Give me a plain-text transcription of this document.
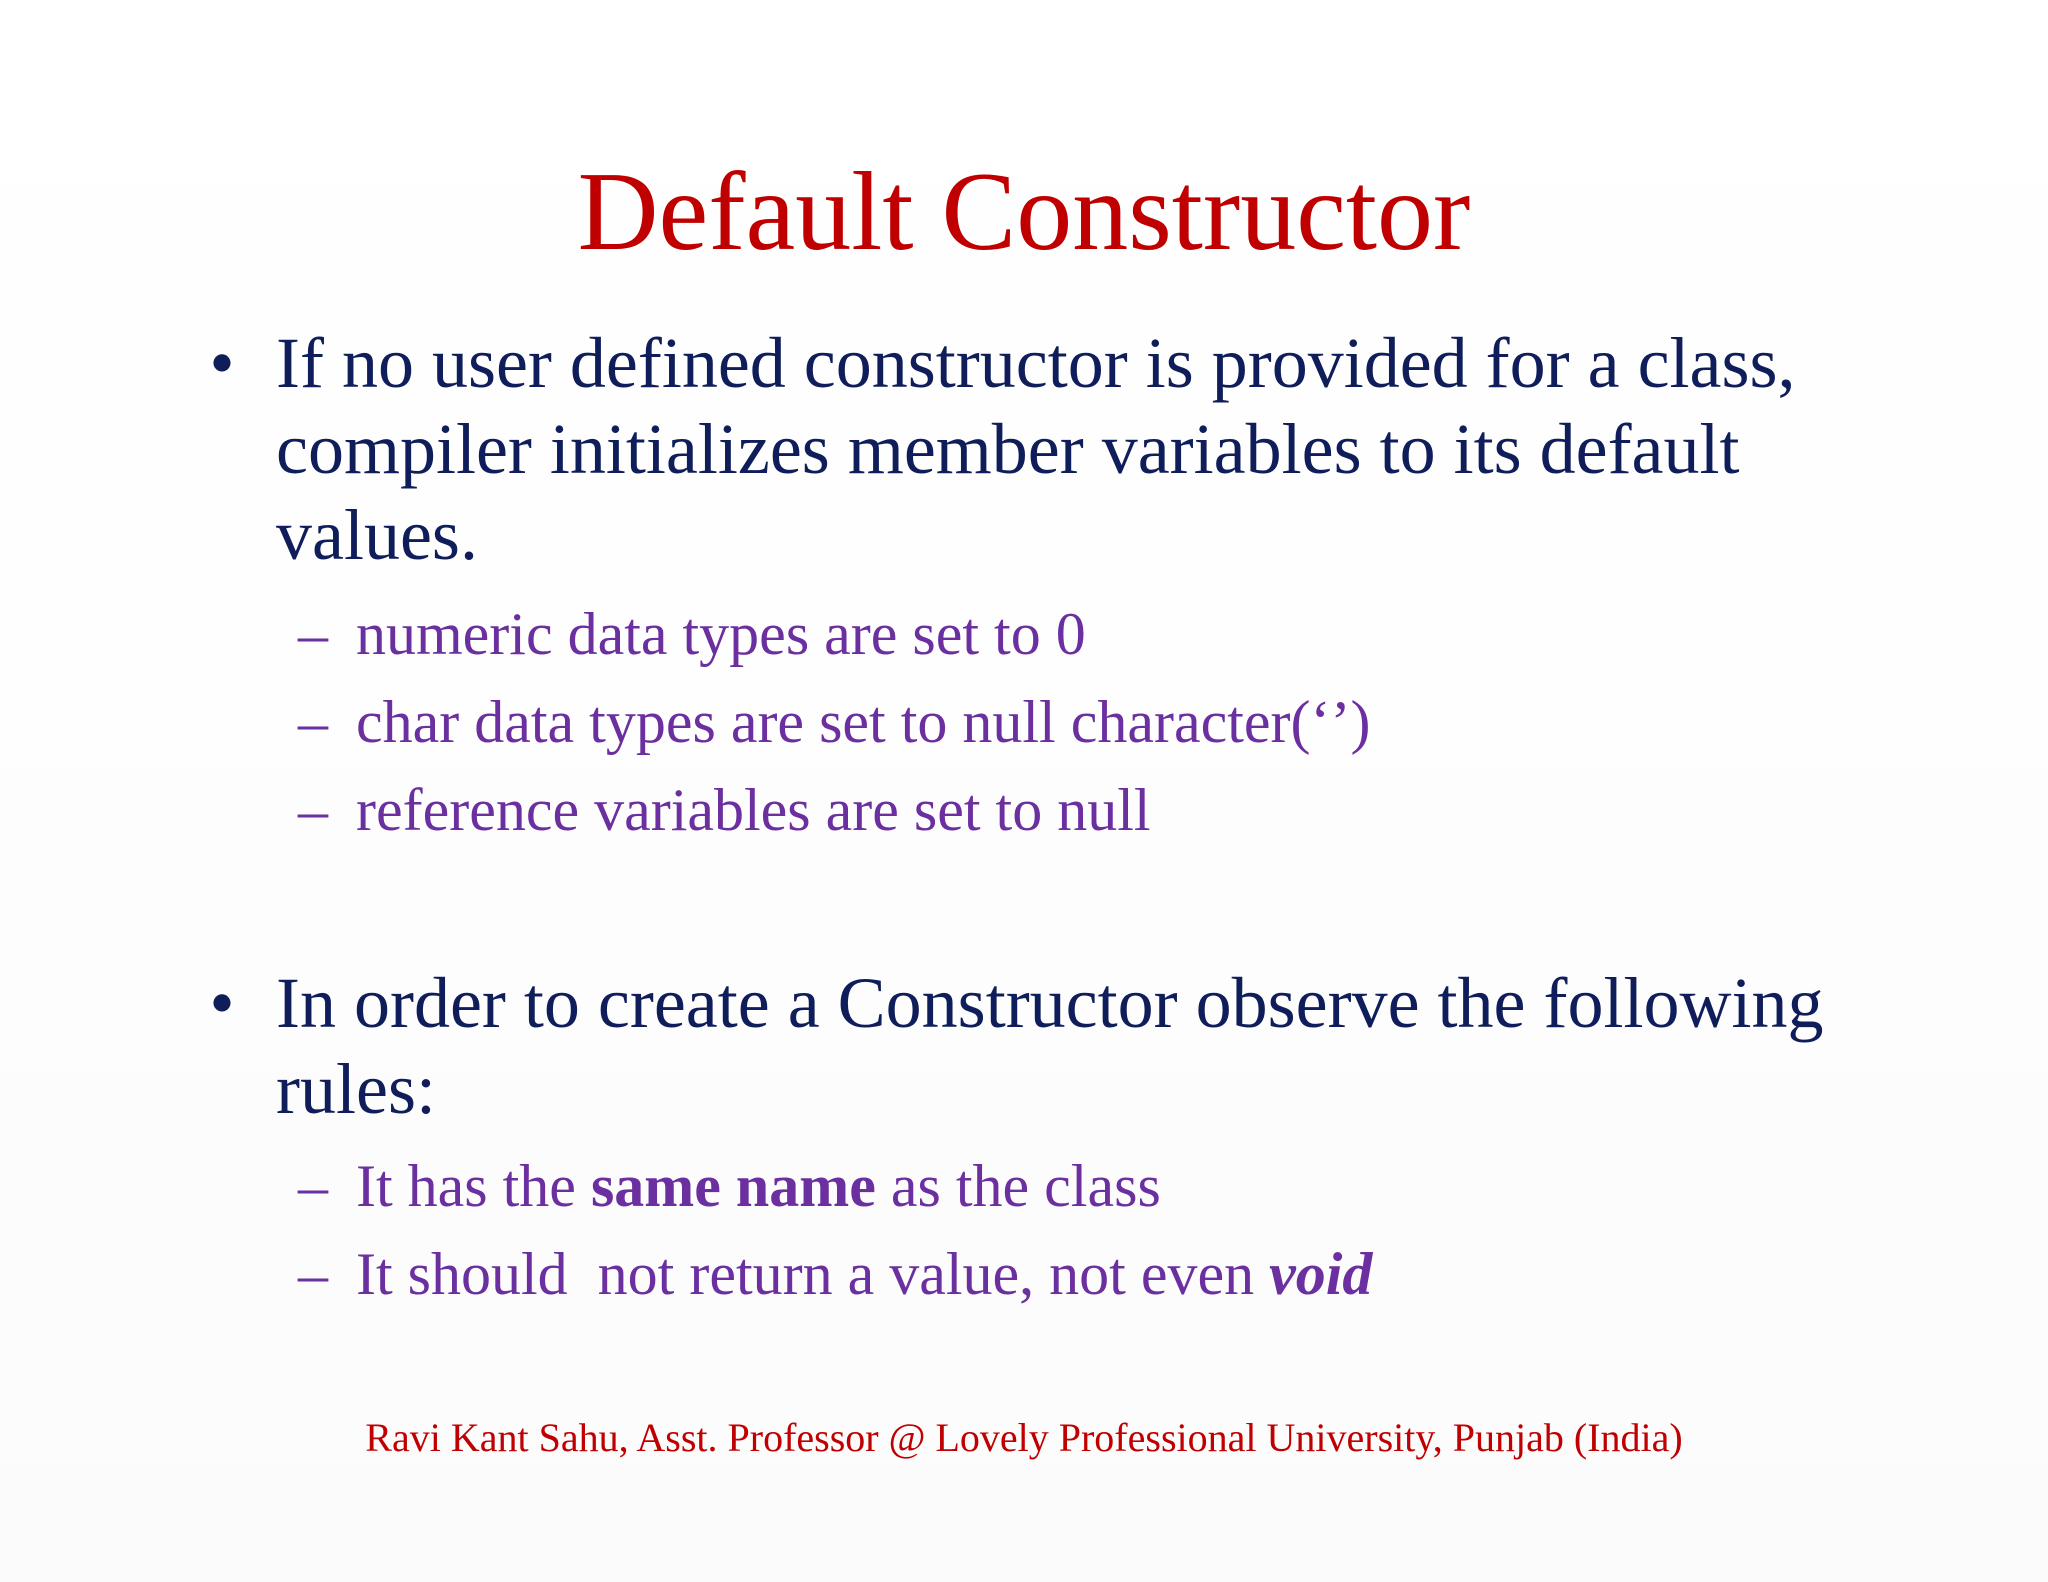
Default Constructor
• If no user defined constructor is provided for a class, compiler initializes member variables to its default values.
– numeric data types are set to 0
– char data types are set to null character(‘’)
– reference variables are set to null
• In order to create a Constructor observe the following rules:
– It has the same name as the class
– It should  not return a value, not even void
Ravi Kant Sahu, Asst. Professor @ Lovely Professional University, Punjab (India)
